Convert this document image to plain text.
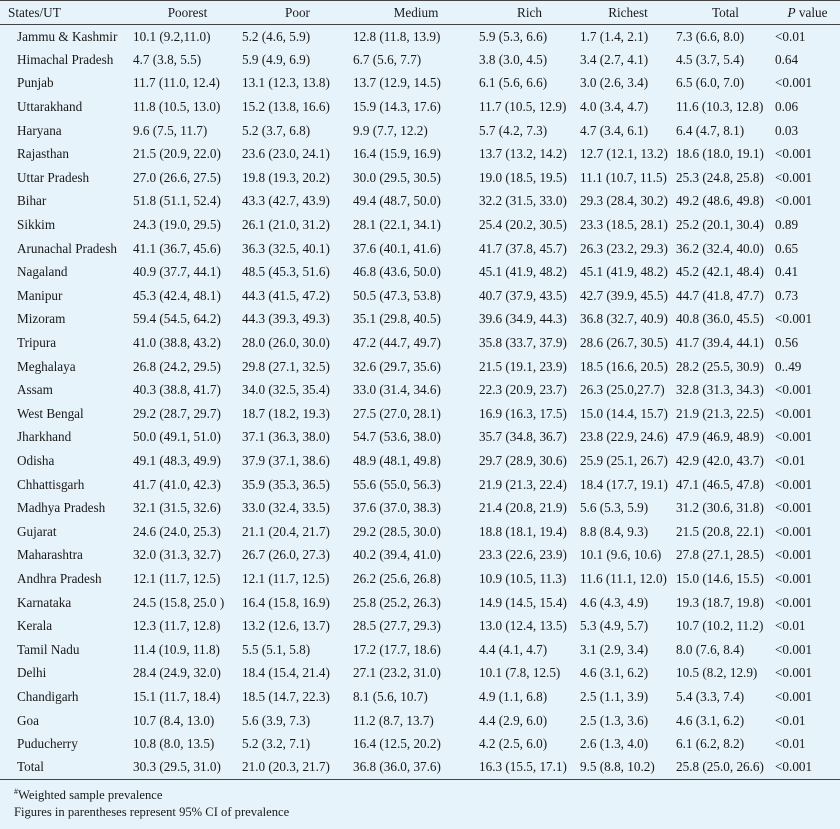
States/UT	Poorest	Poor	Medium	Rich	Richest	Total	P value
Jammu & Kashmir	10.1 (9.2,11.0)	5.2 (4.6, 5.9)	12.8 (11.8, 13.9)	5.9 (5.3, 6.6)	1.7 (1.4, 2.1)	7.3 (6.6, 8.0)	<0.01
Himachal Pradesh	4.7 (3.8, 5.5)	5.9 (4.9, 6.9)	6.7 (5.6, 7.7)	3.8 (3.0, 4.5)	3.4 (2.7, 4.1)	4.5 (3.7, 5.4)	0.64
Punjab	11.7 (11.0, 12.4)	13.1 (12.3, 13.8)	13.7 (12.9, 14.5)	6.1 (5.6, 6.6)	3.0 (2.6, 3.4)	6.5 (6.0, 7.0)	<0.001
Uttarakhand	11.8 (10.5, 13.0)	15.2 (13.8, 16.6)	15.9 (14.3, 17.6)	11.7 (10.5, 12.9)	4.0 (3.4, 4.7)	11.6 (10.3, 12.8)	0.06
Haryana	9.6 (7.5, 11.7)	5.2 (3.7, 6.8)	9.9 (7.7, 12.2)	5.7 (4.2, 7.3)	4.7 (3.4, 6.1)	6.4 (4.7, 8.1)	0.03
Rajasthan	21.5 (20.9, 22.0)	23.6 (23.0, 24.1)	16.4 (15.9, 16.9)	13.7 (13.2, 14.2)	12.7 (12.1, 13.2)	18.6 (18.0, 19.1)	<0.001
Uttar Pradesh	27.0 (26.6, 27.5)	19.8 (19.3, 20.2)	30.0 (29.5, 30.5)	19.0 (18.5, 19.5)	11.1 (10.7, 11.5)	25.3 (24.8, 25.8)	<0.001
Bihar	51.8 (51.1, 52.4)	43.3 (42.7, 43.9)	49.4 (48.7, 50.0)	32.2 (31.5, 33.0)	29.3 (28.4, 30.2)	49.2 (48.6, 49.8)	<0.001
Sikkim	24.3 (19.0, 29.5)	26.1 (21.0, 31.2)	28.1 (22.1, 34.1)	25.4 (20.2, 30.5)	23.3 (18.5, 28.1)	25.2 (20.1, 30.4)	0.89
Arunachal Pradesh	41.1 (36.7, 45.6)	36.3 (32.5, 40.1)	37.6 (40.1, 41.6)	41.7 (37.8, 45.7)	26.3 (23.2, 29.3)	36.2 (32.4, 40.0)	0.65
Nagaland	40.9 (37.7, 44.1)	48.5 (45.3, 51.6)	46.8 (43.6, 50.0)	45.1 (41.9, 48.2)	45.1 (41.9, 48.2)	45.2 (42.1, 48.4)	0.41
Manipur	45.3 (42.4, 48.1)	44.3 (41.5, 47.2)	50.5 (47.3, 53.8)	40.7 (37.9, 43.5)	42.7 (39.9, 45.5)	44.7 (41.8, 47.7)	0.73
Mizoram	59.4 (54.5, 64.2)	44.3 (39.3, 49.3)	35.1 (29.8, 40.5)	39.6 (34.9, 44.3)	36.8 (32.7, 40.9)	40.8 (36.0, 45.5)	<0.001
Tripura	41.0 (38.8, 43.2)	28.0 (26.0, 30.0)	47.2 (44.7, 49.7)	35.8 (33.7, 37.9)	28.6 (26.7, 30.5)	41.7 (39.4, 44.1)	0.56
Meghalaya	26.8 (24.2, 29.5)	29.8 (27.1, 32.5)	32.6 (29.7, 35.6)	21.5 (19.1, 23.9)	18.5 (16.6, 20.5)	28.2 (25.5, 30.9)	0..49
Assam	40.3 (38.8, 41.7)	34.0 (32.5, 35.4)	33.0 (31.4, 34.6)	22.3 (20.9, 23.7)	26.3 (25.0,27.7)	32.8 (31.3, 34.3)	<0.001
West Bengal	29.2 (28.7, 29.7)	18.7 (18.2, 19.3)	27.5 (27.0, 28.1)	16.9 (16.3, 17.5)	15.0 (14.4, 15.7)	21.9 (21.3, 22.5)	<0.001
Jharkhand	50.0 (49.1, 51.0)	37.1 (36.3, 38.0)	54.7 (53.6, 38.0)	35.7 (34.8, 36.7)	23.8 (22.9, 24.6)	47.9 (46.9, 48.9)	<0.001
Odisha	49.1 (48.3, 49.9)	37.9 (37.1, 38.6)	48.9 (48.1, 49.8)	29.7 (28.9, 30.6)	25.9 (25.1, 26.7)	42.9 (42.0, 43.7)	<0.01
Chhattisgarh	41.7 (41.0, 42.3)	35.9 (35.3, 36.5)	55.6 (55.0, 56.3)	21.9 (21.3, 22.4)	18.4 (17.7, 19.1)	47.1 (46.5, 47.8)	<0.001
Madhya Pradesh	32.1 (31.5, 32.6)	33.0 (32.4, 33.5)	37.6 (37.0, 38.3)	21.4 (20.8, 21.9)	5.6 (5.3, 5.9)	31.2 (30.6, 31.8)	<0.001
Gujarat	24.6 (24.0, 25.3)	21.1 (20.4, 21.7)	29.2 (28.5, 30.0)	18.8 (18.1, 19.4)	8.8 (8.4, 9.3)	21.5 (20.8, 22.1)	<0.001
Maharashtra	32.0 (31.3, 32.7)	26.7 (26.0, 27.3)	40.2 (39.4, 41.0)	23.3 (22.6, 23.9)	10.1 (9.6, 10.6)	27.8 (27.1, 28.5)	<0.001
Andhra Pradesh	12.1 (11.7, 12.5)	12.1 (11.7, 12.5)	26.2 (25.6, 26.8)	10.9 (10.5, 11.3)	11.6 (11.1, 12.0)	15.0 (14.6, 15.5)	<0.001
Karnataka	24.5 (15.8, 25.0 )	16.4 (15.8, 16.9)	25.8 (25.2, 26.3)	14.9 (14.5, 15.4)	4.6 (4.3, 4.9)	19.3 (18.7, 19.8)	<0.001
Kerala	12.3 (11.7, 12.8)	13.2 (12.6, 13.7)	28.5 (27.7, 29.3)	13.0 (12.4, 13.5)	5.3 (4.9, 5.7)	10.7 (10.2, 11.2)	<0.01
Tamil Nadu	11.4 (10.9, 11.8)	5.5 (5.1, 5.8)	17.2 (17.7, 18.6)	4.4 (4.1, 4.7)	3.1 (2.9, 3.4)	8.0 (7.6, 8.4)	<0.001
Delhi	28.4 (24.9, 32.0)	18.4 (15.4, 21.4)	27.1 (23.2, 31.0)	10.1 (7.8, 12.5)	4.6 (3.1, 6.2)	10.5 (8.2, 12.9)	<0.001
Chandigarh	15.1 (11.7, 18.4)	18.5 (14.7, 22.3)	8.1 (5.6, 10.7)	4.9 (1.1, 6.8)	2.5 (1.1, 3.9)	5.4 (3.3, 7.4)	<0.001
Goa	10.7 (8.4, 13.0)	5.6 (3.9, 7.3)	11.2 (8.7, 13.7)	4.4 (2.9, 6.0)	2.5 (1.3, 3.6)	4.6 (3.1, 6.2)	<0.01
Puducherry	10.8 (8.0, 13.5)	5.2 (3.2, 7.1)	16.4 (12.5, 20.2)	4.2 (2.5, 6.0)	2.6 (1.3, 4.0)	6.1 (6.2, 8.2)	<0.01
Total	30.3 (29.5, 31.0)	21.0 (20.3, 21.7)	36.8 (36.0, 37.6)	16.3 (15.5, 17.1)	9.5 (8.8, 10.2)	25.8 (25.0, 26.6)	<0.001
#Weighted sample prevalence
Figures in parentheses represent 95% CI of prevalence
